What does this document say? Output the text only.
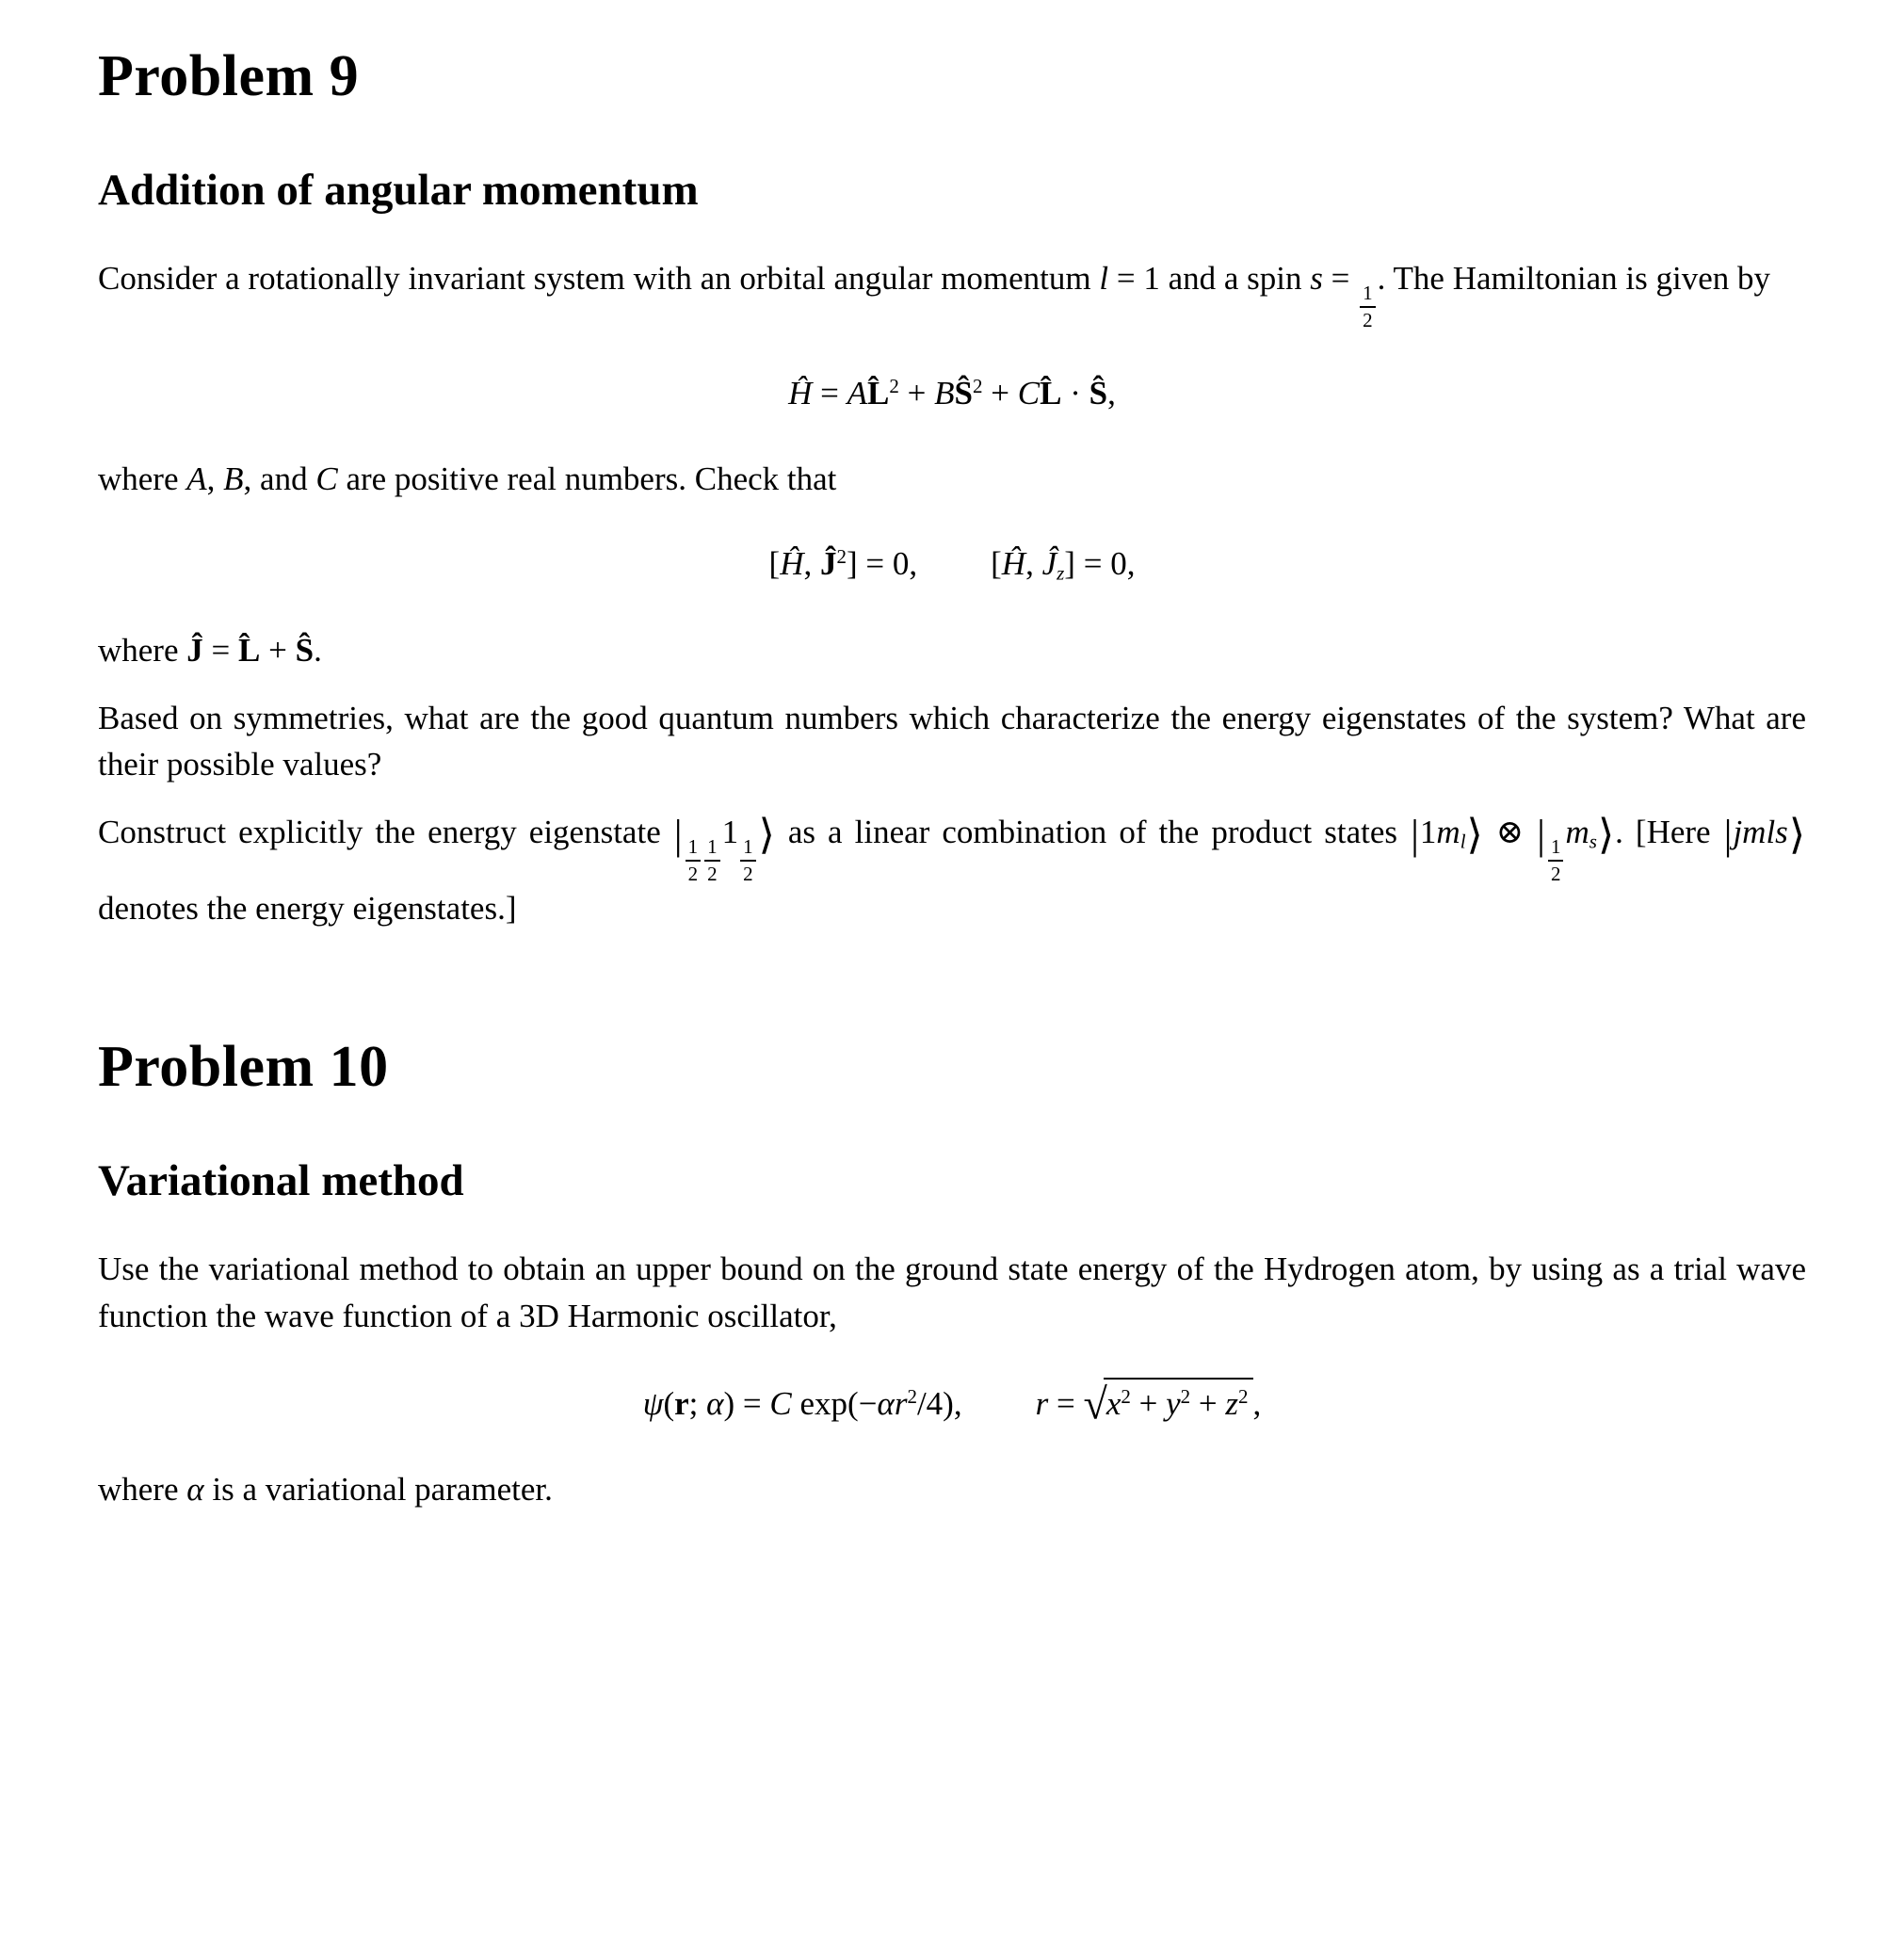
Problem 9
Addition of angular momentum

Consider a rotationally invariant system with an orbital angular momentum l = 1 and a spin s =
$\frac{1}{2}$
. The Hamiltonian is given by

Ĥ = AL̂$^2$ + $BŜ^2$ + CL̂ · Ŝ,

where A, B, and C are positive real numbers. Check that

[Ĥ, $Ĵ^2] = 0$, [Ĥ, $Ĵ_z] = 0$,

where Ĵ = L̂ + Ŝ.

Based on symmetries, what are the good quantum numbers which characterize the energy eigenstates of the system? What are their possible values?

Construct explicitly the energy eigenstate |
$\frac{1}{2} \frac{1}{2}$
1
$\frac{1}{2}$
⟩ as a linear combination of the product states $|1m_l⟩$ ⊗ |
$\frac{1}{2}$
$m_s⟩$. [Here |jmls⟩ denotes the energy eigenstates.]

Problem 10
Variational method

Use the variational method to obtain an upper bound on the ground state energy of the Hydrogen atom, by using as a trial wave function the wave function of a 3D Harmonic oscillator,

ψ(r; α) = C $\exp(-\alpha r^2/4)$, $r = √x^2 + y^2 + z^2$ ,

where α is a variational parameter.
